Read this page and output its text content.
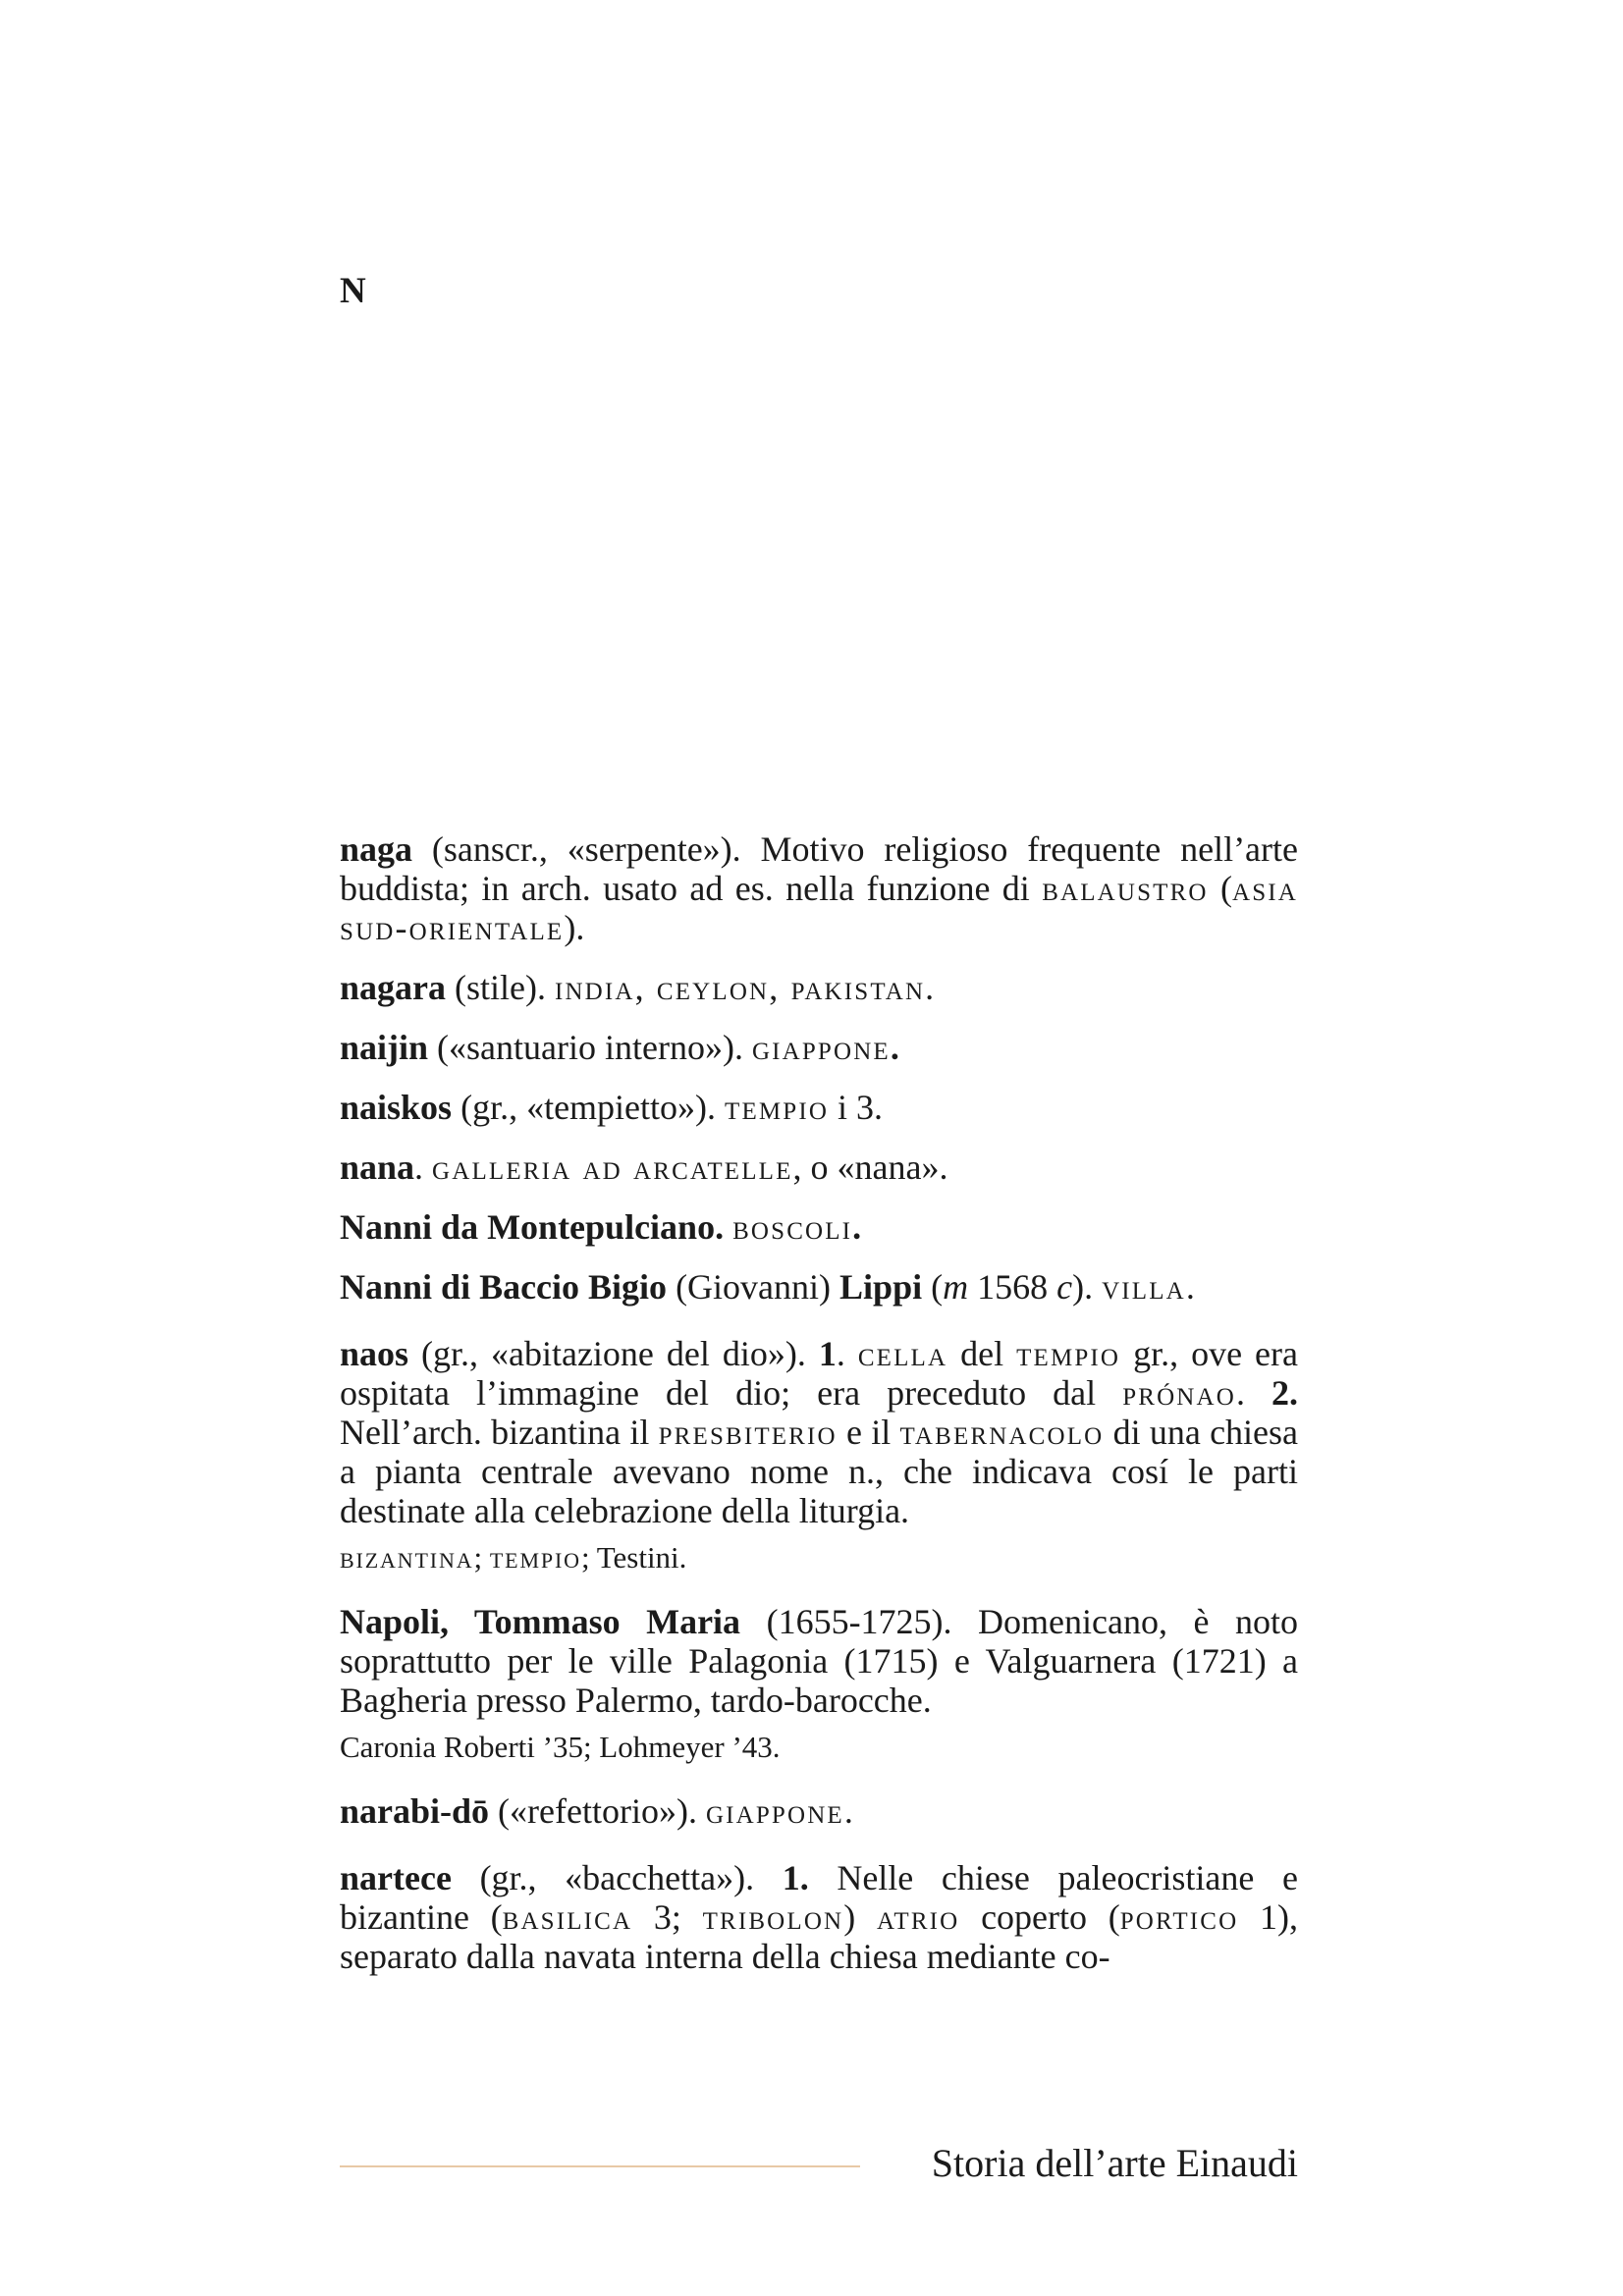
N

naga (sanscr., «serpente»). Motivo religioso frequente nell’arte buddista; in arch. usato ad es. nella funzione di balaustro (asia sud-orientale).

nagara (stile). india, ceylon, pakistan.

naijin («santuario interno»). giappone.

naiskos (gr., «tempietto»). tempio i 3.

nana. galleria ad arcatelle, o «nana».

Nanni da Montepulciano. boscoli.

Nanni di Baccio Bigio (Giovanni) Lippi (m 1568 c). villa.

naos (gr., «abitazione del dio»). 1. cella del tempio gr., ove era ospitata l’immagine del dio; era preceduto dal prónao. 2. Nell’arch. bizantina il presbiterio e il tabernacolo di una chiesa a pianta centrale avevano nome n., che indicava cosí le parti destinate alla celebrazione della liturgia.

bizantina; tempio; Testini.

Napoli, Tommaso Maria (1655-1725). Domenicano, è noto soprattutto per le ville Palagonia (1715) e Valguarnera (1721) a Bagheria presso Palermo, tardo-barocche.

Caronia Roberti ’35; Lohmeyer ’43.

narabi-dō («refettorio»). giappone.

nartece (gr., «bacchetta»). 1. Nelle chiese paleocristiane e bizantine (basilica 3; tribolon) atrio coperto (portico 1), separato dalla navata interna della chiesa mediante co-

Storia dell’arte Einaudi
